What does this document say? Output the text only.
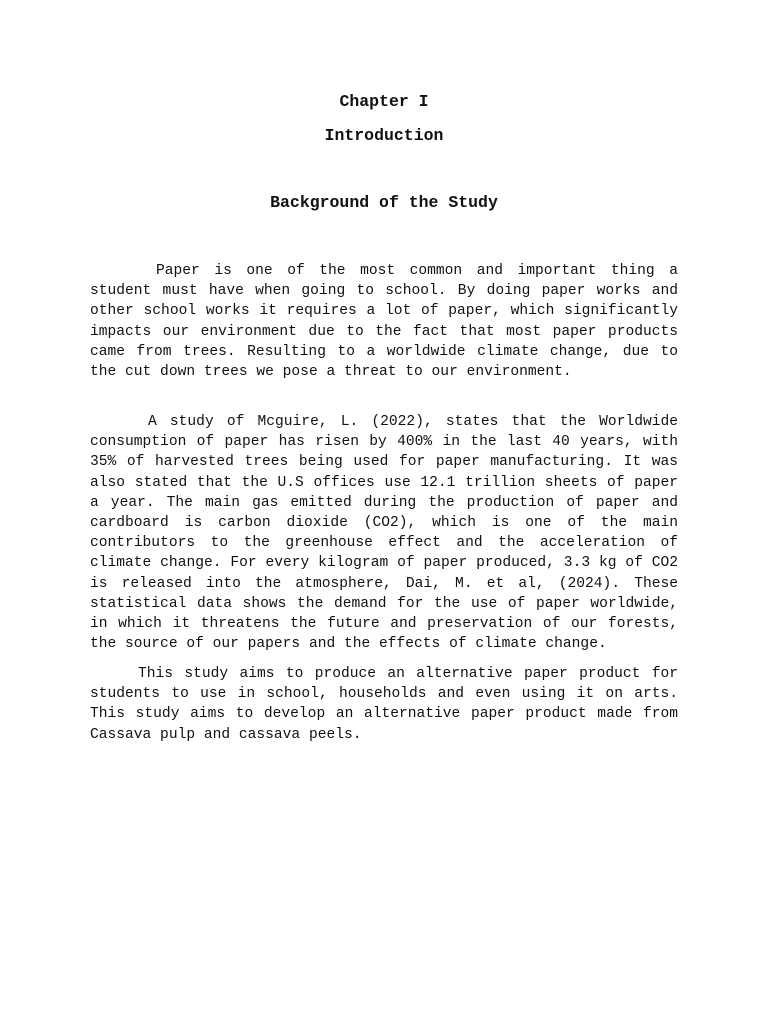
Chapter I
Introduction
Background of the Study

Paper is one of the most common and important thing a student must have when going to school. By doing paper works and other school works it requires a lot of paper, which significantly impacts our environment due to the fact that most paper products came from trees. Resulting to a worldwide climate change, due to the cut down trees we pose a threat to our environment.

A study of Mcguire, L. (2022), states that the Worldwide consumption of paper has risen by 400% in the last 40 years, with 35% of harvested trees being used for paper manufacturing. It was also stated that the U.S offices use 12.1 trillion sheets of paper a year. The main gas emitted during the production of paper and cardboard is carbon dioxide (CO2), which is one of the main contributors to the greenhouse effect and the acceleration of climate change. For every kilogram of paper produced, 3.3 kg of CO2 is released into the atmosphere, Dai, M. et al, (2024). These statistical data shows the demand for the use of paper worldwide, in which it threatens the future and preservation of our forests, the source of our papers and the effects of climate change.

This study aims to produce an alternative paper product for students to use in school, households and even using it on arts. This study aims to develop an alternative paper product made from Cassava pulp and cassava peels.
